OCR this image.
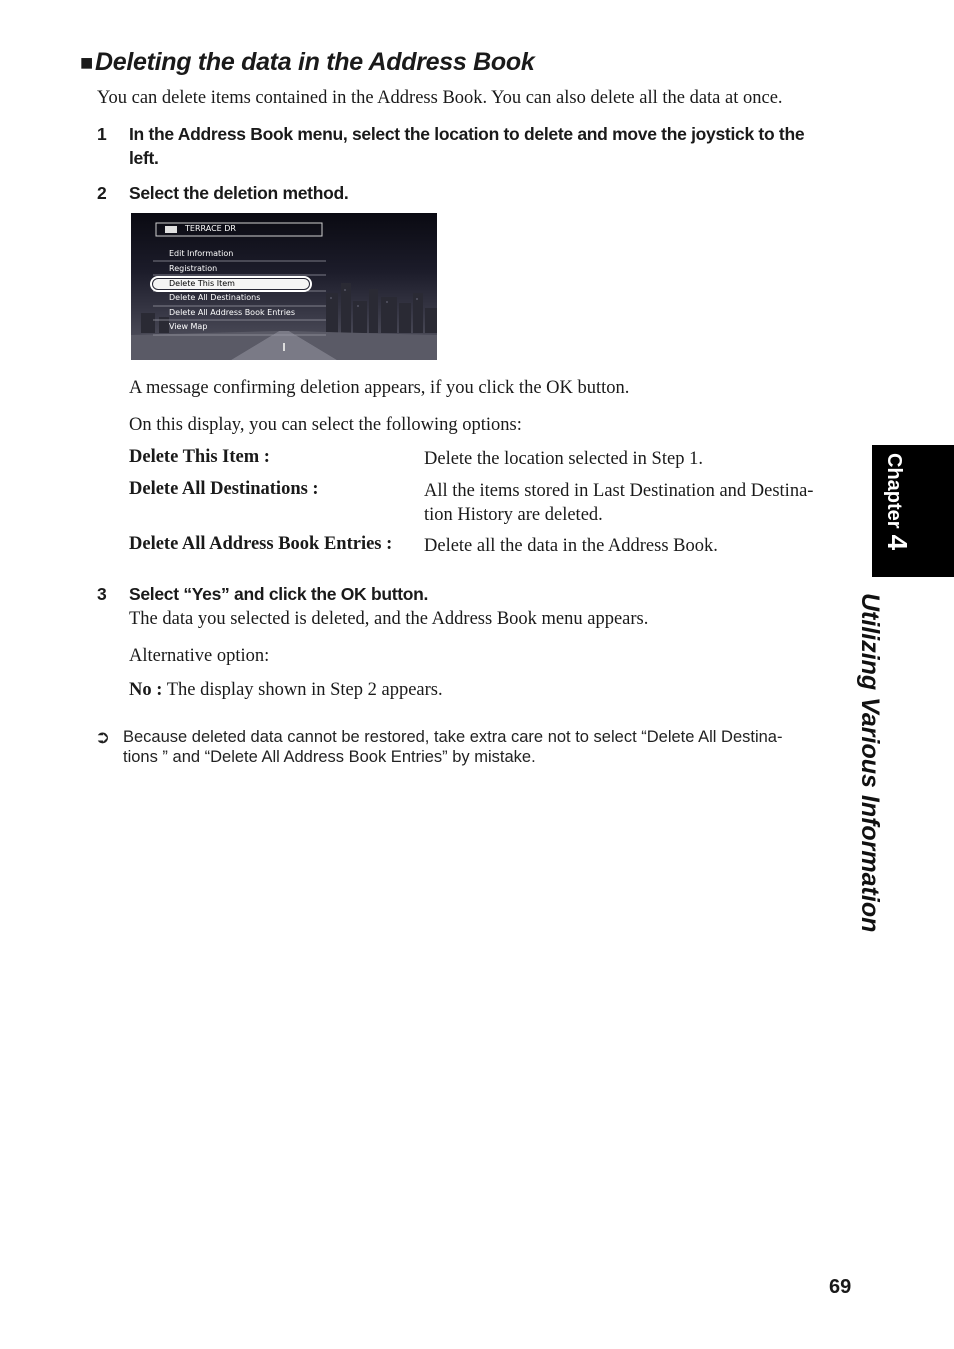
■Deleting the data in the Address Book
You can delete items contained in the Address Book. You can also delete all the data at once.
1 In the Address Book menu, select the location to delete and move the joystick to the
left.
2 Select the deletion method.
TERRACE DR
Edit Information
Registration
Delete This Item
Delete All Destinations
Delete All Address Book Entries
View Map
A message confirming deletion appears, if you click the OK button.
On this display, you can select the following options:
Delete This Item :	Delete the location selected in Step 1.
Delete All Destinations :	All the items stored in Last Destination and Destina-
tion History are deleted.
Delete All Address Book Entries : Delete all the data in the Address Book.
3 Select “Yes” and click the OK button.
The data you selected is deleted, and the Address Book menu appears.
Alternative option:
No : The display shown in Step 2 appears.
➲ Because deleted data cannot be restored, take extra care not to select “Delete All Destina-
tions ” and “Delete All Address Book Entries” by mistake.
Chapter4
Utilizing Various Information
69
